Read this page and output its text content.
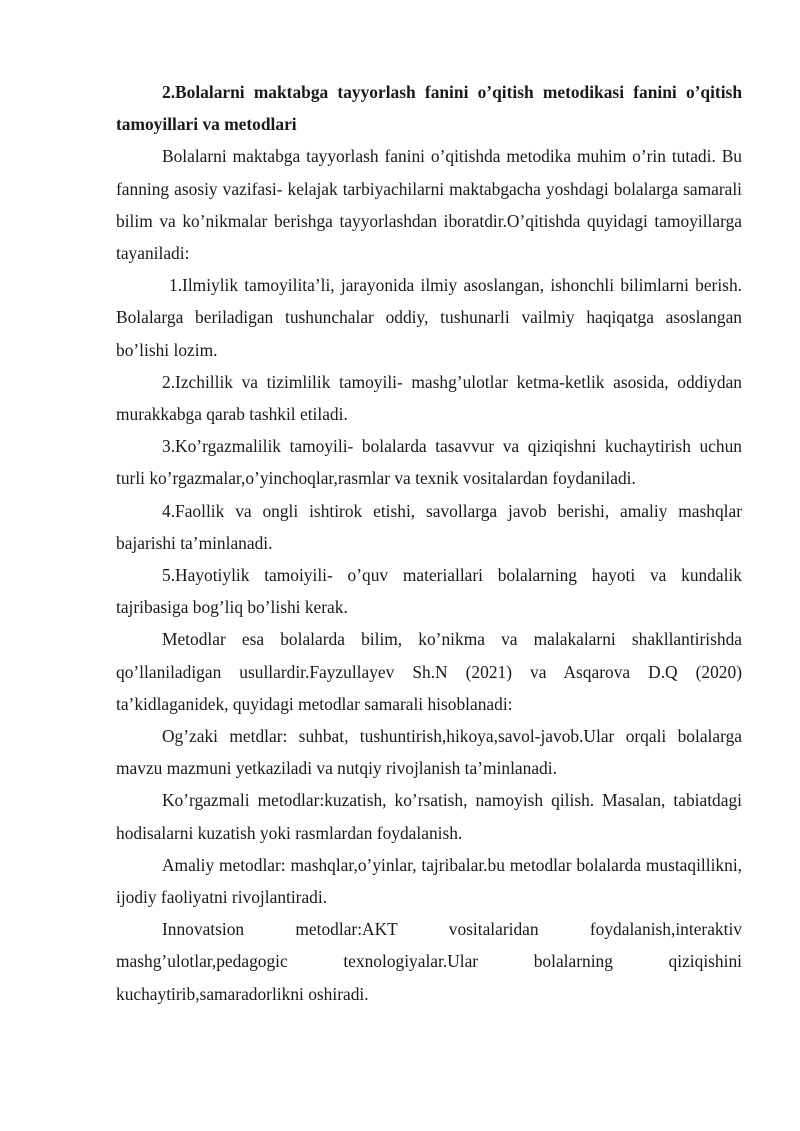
2.Bolalarni maktabga tayyorlash fanini o’qitish metodikasi fanini o’qitish tamoyillari va metodlari

Bolalarni maktabga tayyorlash fanini o’qitishda metodika muhim o’rin tutadi. Bu fanning asosiy vazifasi- kelajak tarbiyachilarni maktabgacha yoshdagi bolalarga samarali bilim va ko’nikmalar berishga tayyorlashdan iboratdir.O’qitishda quyidagi tamoyillarga tayaniladi:

1.Ilmiylik tamoyilita’li, jarayonida ilmiy asoslangan, ishonchli bilimlarni berish. Bolalarga beriladigan tushunchalar oddiy, tushunarli vailmiy haqiqatga asoslangan bo’lishi lozim.

2.Izchillik va tizimlilik tamoyili- mashg’ulotlar ketma-ketlik asosida, oddiydan murakkabga qarab tashkil etiladi.

3.Ko’rgazmalilik tamoyili- bolalarda tasavvur va qiziqishni kuchaytirish uchun turli ko’rgazmalar,o’yinchoqlar,rasmlar va texnik vositalardan foydaniladi.

4.Faollik va ongli ishtirok etishi, savollarga javob berishi, amaliy mashqlar bajarishi ta’minlanadi.

5.Hayotiylik tamoiyili- o’quv materiallari bolalarning hayoti va kundalik tajribasiga bog’liq bo’lishi kerak.

Metodlar esa bolalarda bilim, ko’nikma va malakalarni shakllantirishda qo’llaniladigan usullardir.Fayzullayev Sh.N (2021) va Asqarova D.Q (2020) ta’kidlaganidek, quyidagi metodlar samarali hisoblanadi:

Og’zaki metdlar: suhbat, tushuntirish,hikoya,savol-javob.Ular orqali bolalarga mavzu mazmuni yetkaziladi va nutqiy rivojlanish ta’minlanadi.

Ko’rgazmali metodlar:kuzatish, ko’rsatish, namoyish qilish. Masalan, tabiatdagi hodisalarni kuzatish yoki rasmlardan foydalanish.

Amaliy metodlar: mashqlar,o’yinlar, tajribalar.bu metodlar bolalarda mustaqillikni, ijodiy faoliyatni rivojlantiradi.

Innovatsion metodlar:AKT vositalaridan foydalanish,interaktiv mashg’ulotlar,pedagogic texnologiyalar.Ular bolalarning qiziqishini kuchaytirib,samaradorlikni oshiradi.
